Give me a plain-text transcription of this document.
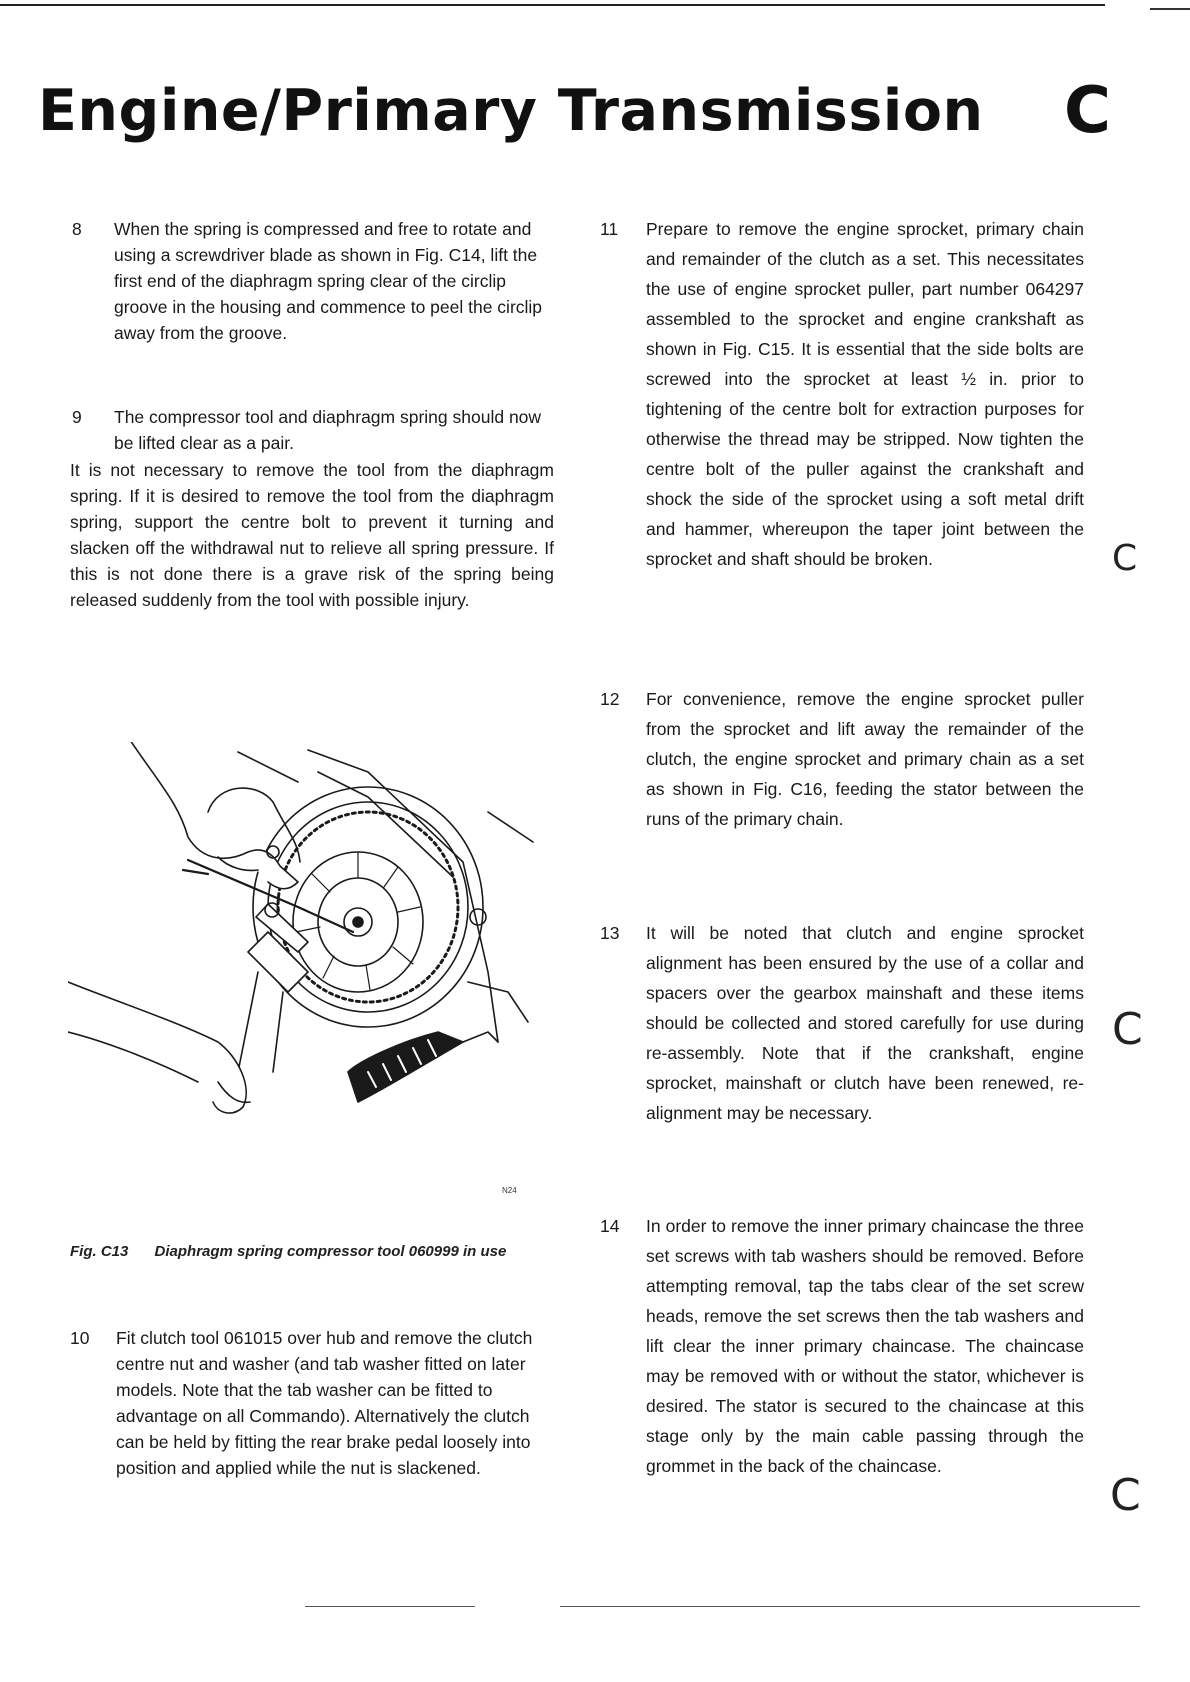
Engine/Primary Transmission C
8	When the spring is compressed and free to rotate and using a screwdriver blade as shown in Fig. C14, lift the first end of the diaphragm spring clear of the circlip groove in the housing and commence to peel the circlip away from the groove.
9	The compressor tool and diaphragm spring should now be lifted clear as a pair.
It is not necessary to remove the tool from the diaphragm spring. If it is desired to remove the tool from the diaphragm spring, support the centre bolt to prevent it turning and slacken off the withdrawal nut to relieve all spring pressure. If this is not done there is a grave risk of the spring being released suddenly from the tool with possible injury.
N24
Fig. C13 Diaphragm spring compressor tool 060999 in use
10 Fit clutch tool 061015 over hub and remove the clutch centre nut and washer (and tab washer fitted on later models. Note that the tab washer can be fitted to advantage on all Commando). Alternatively the clutch can be held by fitting the rear brake pedal loosely into position and applied while the nut is slackened.
11 Prepare to remove the engine sprocket, primary chain and remainder of the clutch as a set. This necessitates the use of engine sprocket puller, part number 064297 assembled to the sprocket and engine crankshaft as shown in Fig. C15. It is essential that the side bolts are screwed into the sprocket at least ½ in. prior to tightening of the centre bolt for extraction purposes for otherwise the thread may be stripped. Now tighten the centre bolt of the puller against the crankshaft and shock the side of the sprocket using a soft metal drift and hammer, whereupon the taper joint between the sprocket and shaft should be broken.
12 For convenience, remove the engine sprocket puller from the sprocket and lift away the remainder of the clutch, the engine sprocket and primary chain as a set as shown in Fig. C16, feeding the stator between the runs of the primary chain.
13 It will be noted that clutch and engine sprocket alignment has been ensured by the use of a collar and spacers over the gearbox mainshaft and these items should be collected and stored carefully for use during re-assembly. Note that if the crankshaft, engine sprocket, mainshaft or clutch have been renewed, re-alignment may be necessary.
14 In order to remove the inner primary chaincase the three set screws with tab washers should be removed. Before attempting removal, tap the tabs clear of the set screw heads, remove the set screws then the tab washers and lift clear the inner primary chaincase. The chaincase may be removed with or without the stator, whichever is desired. The stator is secured to the chaincase at this stage only by the main cable passing through the grommet in the back of the chaincase.
C
C
C
